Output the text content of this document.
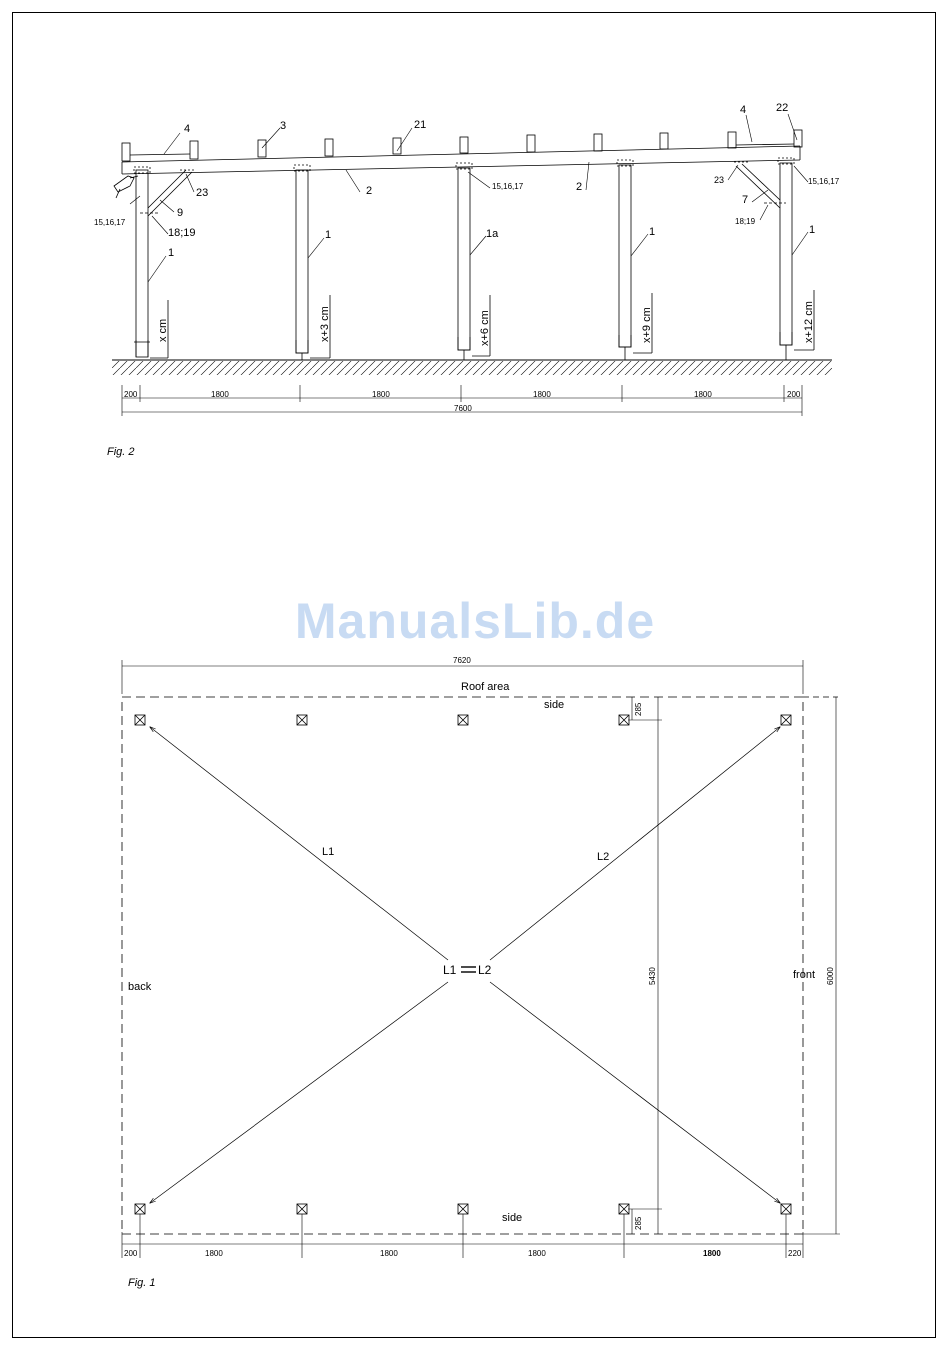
ManualsLib.de
4	3	21
4	22
2	2
23
23
9
7
15,16,17
15,16,17
15,16,17
18;19
18;19
1
1	1a	1	1
x cm	x+3 cm	x+6 cm	x+9 cm	x+12 cm
200	1800	1800	1800	1800	200
7600
Fig. 2
7620
Roof area
side
side
back
front
L1	L2
L1 L2	5430	6000
285
285
200	1800	1800	1800	1800	220
Fig. 1
